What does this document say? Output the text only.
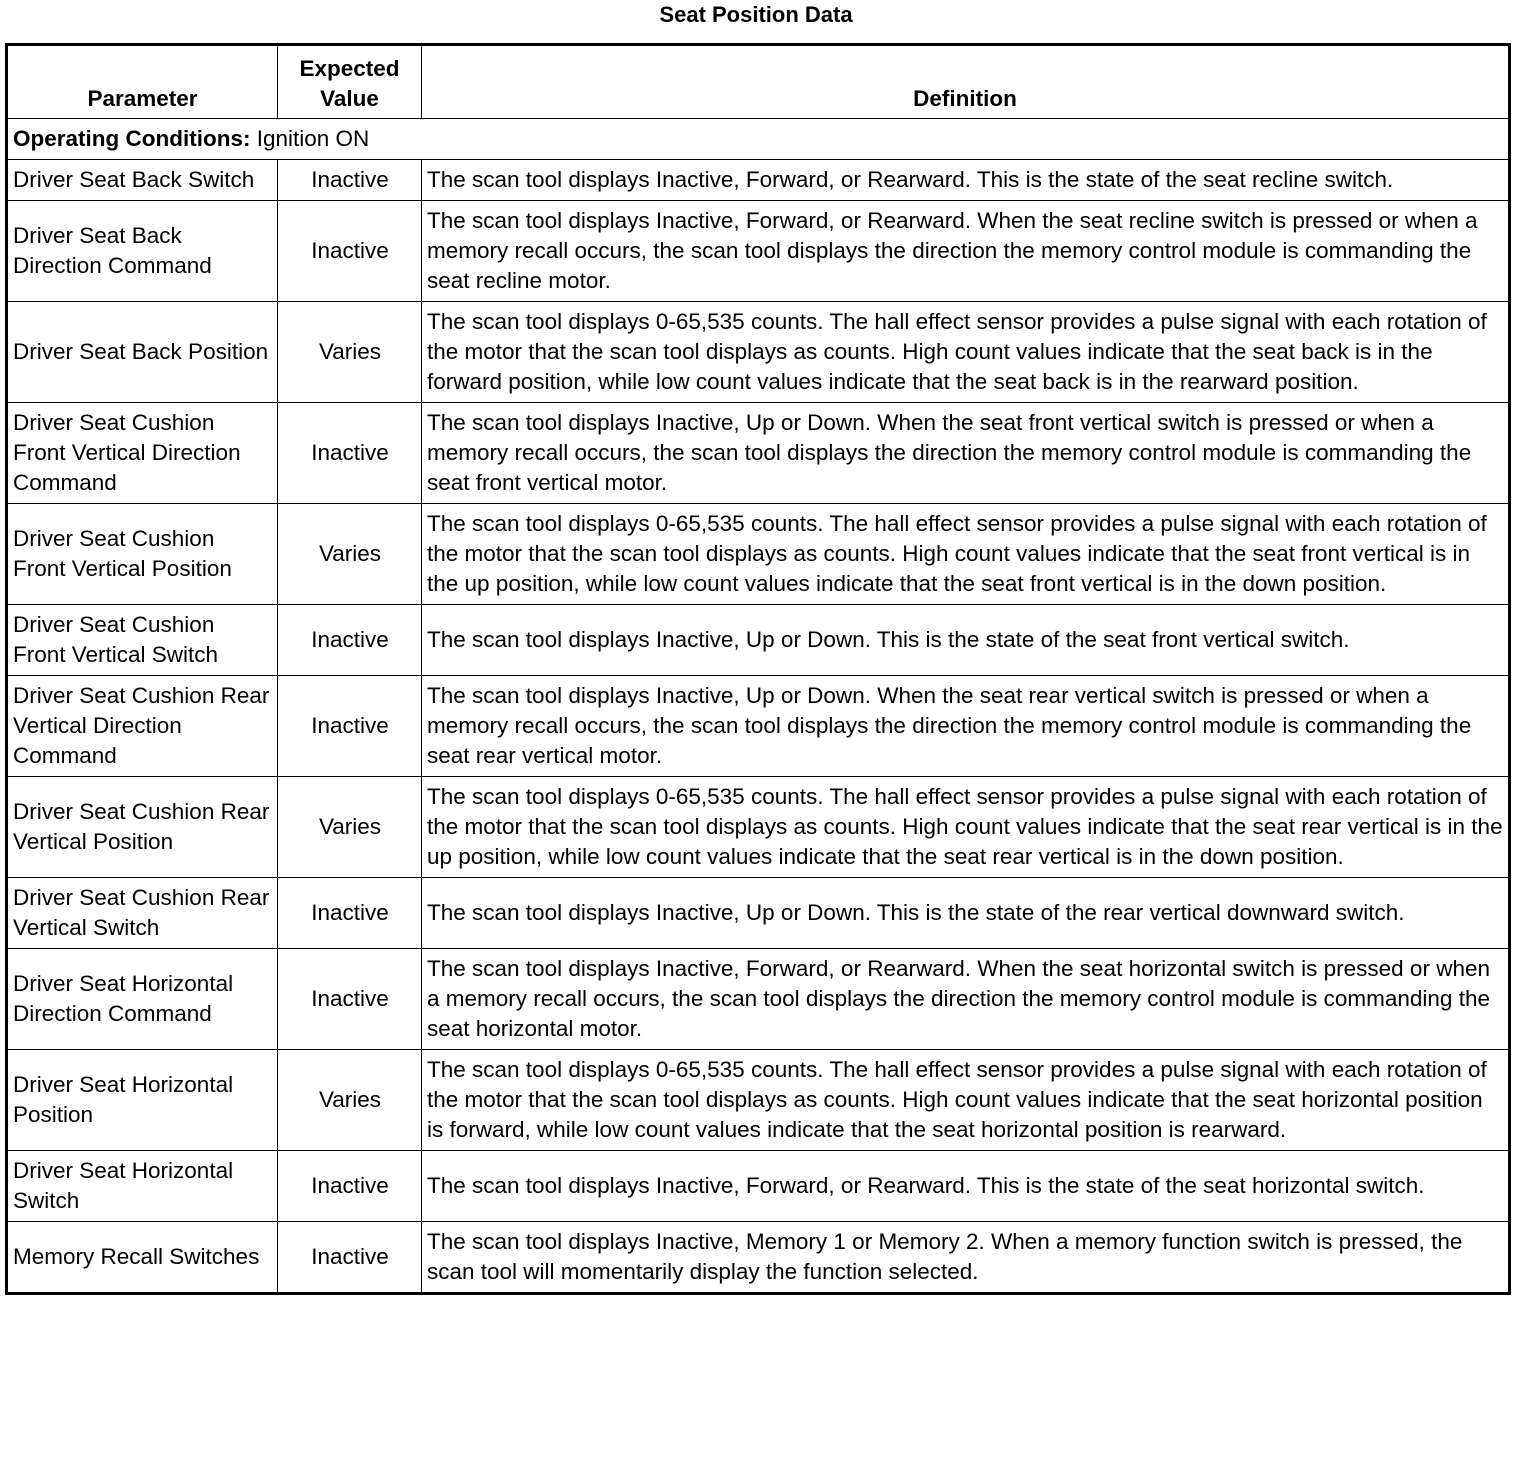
Seat Position Data
Parameter	Expected Value	Definition
Operating Conditions: Ignition ON		
Driver Seat Back Switch	Inactive	The scan tool displays Inactive, Forward, or Rearward. This is the state of the seat recline switch.
Driver Seat Back Direction Command	Inactive	The scan tool displays Inactive, Forward, or Rearward. When the seat recline switch is pressed or when a memory recall occurs, the scan tool displays the direction the memory control module is commanding the seat recline motor.
Driver Seat Back Position	Varies	The scan tool displays 0-65,535 counts. The hall effect sensor provides a pulse signal with each rotation of the motor that the scan tool displays as counts. High count values indicate that the seat back is in the forward position, while low count values indicate that the seat back is in the rearward position.
Driver Seat Cushion Front Vertical Direction Command	Inactive	The scan tool displays Inactive, Up or Down. When the seat front vertical switch is pressed or when a memory recall occurs, the scan tool displays the direction the memory control module is commanding the seat front vertical motor.
Driver Seat Cushion Front Vertical Position	Varies	The scan tool displays 0-65,535 counts. The hall effect sensor provides a pulse signal with each rotation of the motor that the scan tool displays as counts. High count values indicate that the seat front vertical is in the up position, while low count values indicate that the seat front vertical is in the down position.
Driver Seat Cushion Front Vertical Switch	Inactive	The scan tool displays Inactive, Up or Down. This is the state of the seat front vertical switch.
Driver Seat Cushion Rear Vertical Direction Command	Inactive	The scan tool displays Inactive, Up or Down. When the seat rear vertical switch is pressed or when a memory recall occurs, the scan tool displays the direction the memory control module is commanding the seat rear vertical motor.
Driver Seat Cushion Rear Vertical Position	Varies	The scan tool displays 0-65,535 counts. The hall effect sensor provides a pulse signal with each rotation of the motor that the scan tool displays as counts. High count values indicate that the seat rear vertical is in the up position, while low count values indicate that the seat rear vertical is in the down position.
Driver Seat Cushion Rear Vertical Switch	Inactive	The scan tool displays Inactive, Up or Down. This is the state of the rear vertical downward switch.
Driver Seat Horizontal Direction Command	Inactive	The scan tool displays Inactive, Forward, or Rearward. When the seat horizontal switch is pressed or when a memory recall occurs, the scan tool displays the direction the memory control module is commanding the seat horizontal motor.
Driver Seat Horizontal Position	Varies	The scan tool displays 0-65,535 counts. The hall effect sensor provides a pulse signal with each rotation of the motor that the scan tool displays as counts. High count values indicate that the seat horizontal position is forward, while low count values indicate that the seat horizontal position is rearward.
Driver Seat Horizontal Switch	Inactive	The scan tool displays Inactive, Forward, or Rearward. This is the state of the seat horizontal switch.
Memory Recall Switches	Inactive	The scan tool displays Inactive, Memory 1 or Memory 2. When a memory function switch is pressed, the scan tool will momentarily display the function selected.
